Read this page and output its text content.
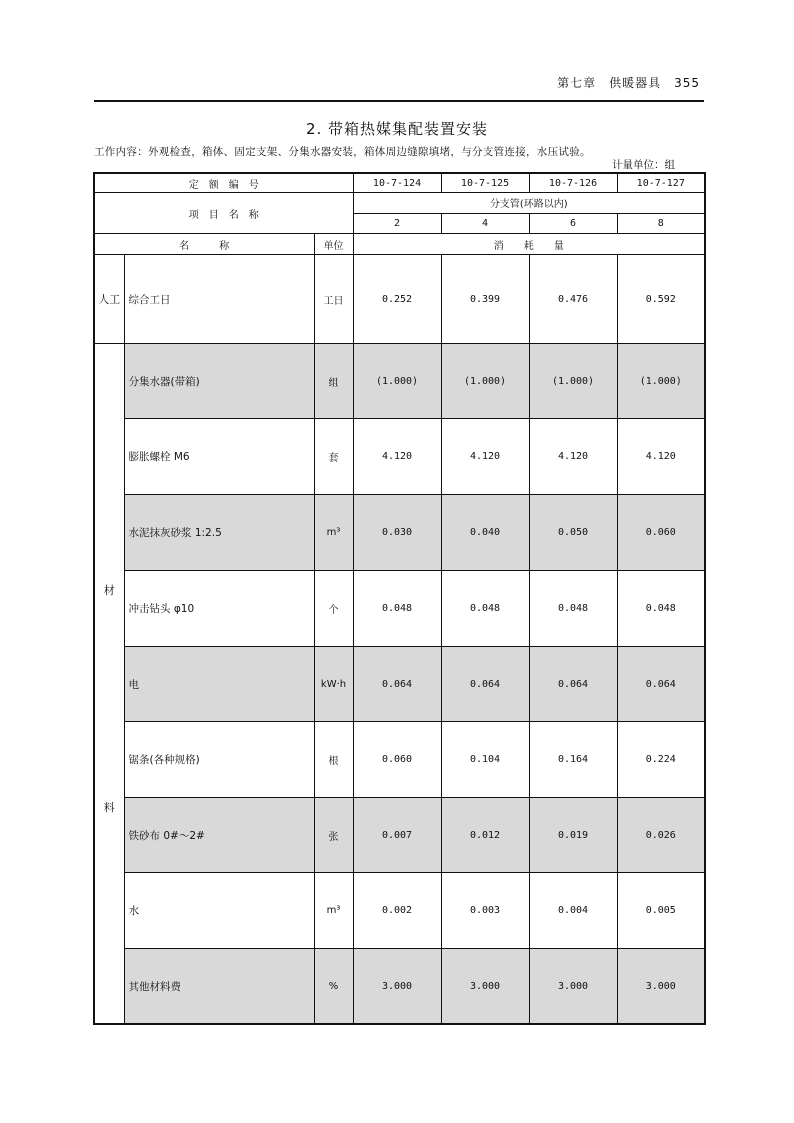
第七章　供暖器具　355
2. 带箱热媒集配装置安装
工作内容：外观检查，箱体、固定支架、分集水器安装，箱体周边缝隙填堵，与分支管连接，水压试验。
计量单位：组
定　额　编　号			10-7-124	10-7-125	10-7-126	10-7-127
项　目　名　称			分支管(环路以内)			
			2	4	6	8
名　　　称		单位	消　　耗　　量			
人工	综合工日	工日	0.252	0.399	0.476	0.592

材
料	分集水器(带箱)	组	(1.000)	(1.000)	(1.000)	(1.000)
	膨胀螺栓 M6	套	4.120	4.120	4.120	4.120
	水泥抹灰砂浆 1:2.5	m³	0.030	0.040	0.050	0.060
	冲击钻头 φ10	个	0.048	0.048	0.048	0.048
	电	kW·h	0.064	0.064	0.064	0.064
	锯条(各种规格)	根	0.060	0.104	0.164	0.224
	铁砂布 0#～2#	张	0.007	0.012	0.019	0.026
	水	m³	0.002	0.003	0.004	0.005
	其他材料费	%	3.000	3.000	3.000	3.000
